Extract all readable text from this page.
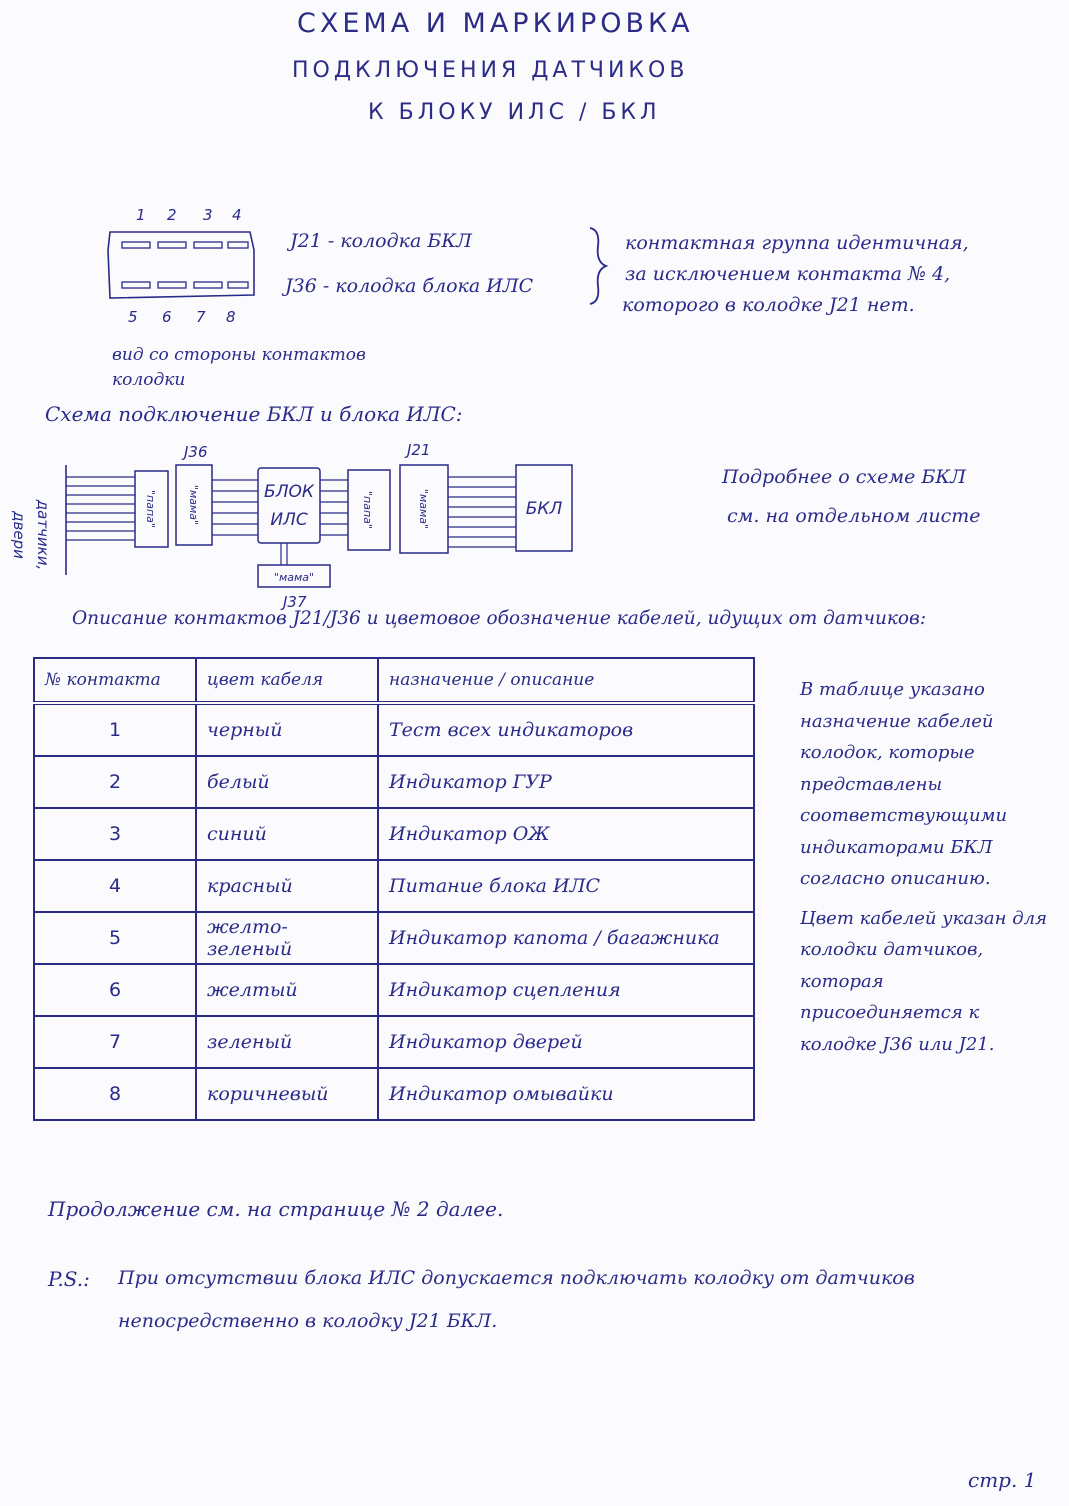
СХЕМА И МАРКИРОВКА
ПОДКЛЮЧЕНИЯ ДАТЧИКОВ
К БЛОКУ ИЛС / БКЛ
1 2 3 4
5 6 7 8
J21 - колодка БКЛ
J36 - колодка блока ИЛС
контактная группа идентичная,
за исключением контакта № 4,
которого в колодке J21 нет.
вид со стороны контактов
колодки
Схема подключение БКЛ и блока ИЛС:
датчики,
двери
J36	J21
J37
"папа"	"мама"	БЛОК
ИЛС	"папа"	"мама"
"мама"
БКЛ
Подробнее о схеме БКЛ
см. на отдельном листе
Описание контактов J21/J36 и цветовое обозначение кабелей, идущих от датчиков:
№ контакта	цвет кабеля	назначение / описание
1	черный	Тест всех индикаторов
2	белый	Индикатор ГУР
3	синий	Индикатор ОЖ
4	красный	Питание блока ИЛС
5	желто-зеленый	Индикатор капота / багажника
6	желтый	Индикатор сцепления
7	зеленый	Индикатор дверей
8	коричневый	Индикатор омывайки

В таблице указано назначение кабелей колодок, которые представлены соответствующими индикаторами БКЛ согласно описанию.

Цвет кабелей указан для колодки датчиков, которая присоединяется к колодке J36 или J21.

Продолжение см. на странице № 2 далее.
P.S.: При отсутствии блока ИЛС допускается подключать колодку от датчиков
непосредственно в колодку J21 БКЛ.
стр. 1
